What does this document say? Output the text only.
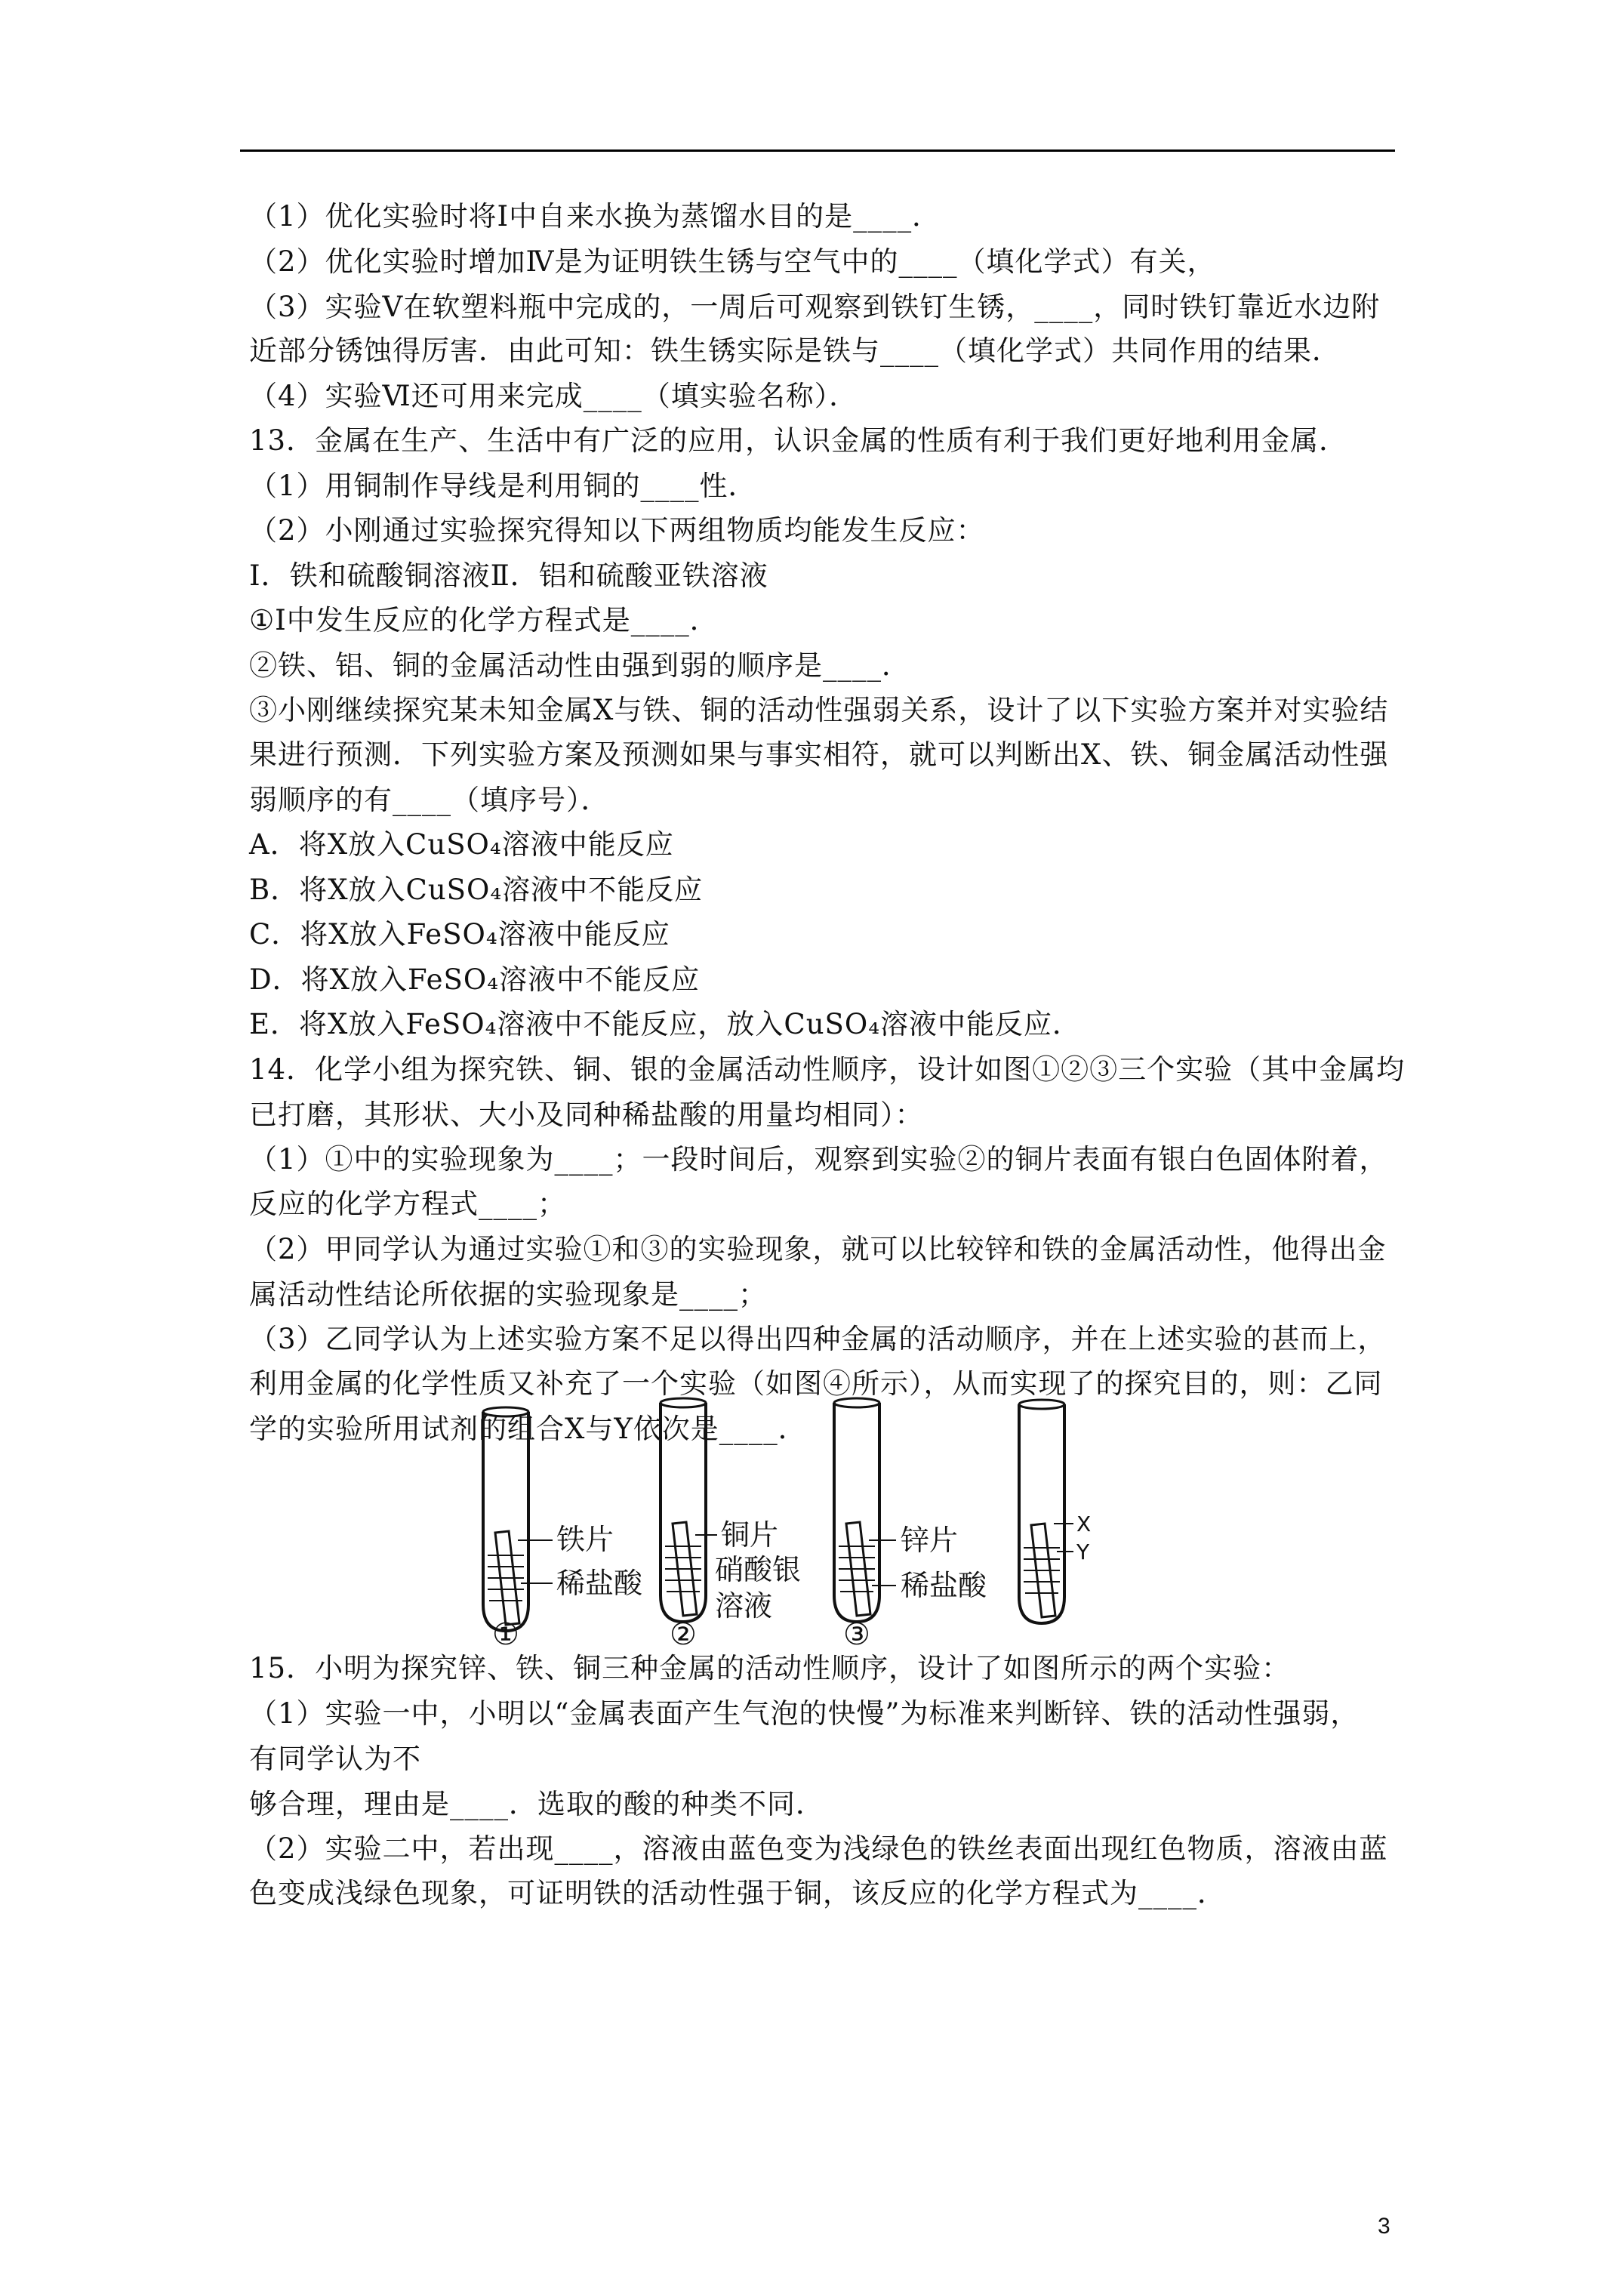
（1）优化实验时将Ⅰ中自来水换为蒸馏水目的是____．
（2）优化实验时增加Ⅳ是为证明铁生锈与空气中的____（填化学式）有关，
（3）实验Ⅴ在软塑料瓶中完成的，一周后可观察到铁钉生锈，____，同时铁钉靠近水边附
近部分锈蚀得厉害．由此可知：铁生锈实际是铁与____（填化学式）共同作用的结果．
（4）实验Ⅵ还可用来完成____（填实验名称）．
13．金属在生产、生活中有广泛的应用，认识金属的性质有利于我们更好地利用金属．
（1）用铜制作导线是利用铜的____性．
（2）小刚通过实验探究得知以下两组物质均能发生反应：
Ⅰ．铁和硫酸铜溶液Ⅱ．铝和硫酸亚铁溶液
①Ⅰ中发生反应的化学方程式是____．
②铁、铝、铜的金属活动性由强到弱的顺序是____．
③小刚继续探究某未知金属X与铁、铜的活动性强弱关系，设计了以下实验方案并对实验结
果进行预测．下列实验方案及预测如果与事实相符，就可以判断出X、铁、铜金属活动性强
弱顺序的有____（填序号）．
A．将X放入CuSO₄溶液中能反应
B．将X放入CuSO₄溶液中不能反应
C．将X放入FeSO₄溶液中能反应
D．将X放入FeSO₄溶液中不能反应
E．将X放入FeSO₄溶液中不能反应，放入CuSO₄溶液中能反应．
14．化学小组为探究铁、铜、银的金属活动性顺序，设计如图①②③三个实验（其中金属均
已打磨，其形状、大小及同种稀盐酸的用量均相同）：
（1）①中的实验现象为____；一段时间后，观察到实验②的铜片表面有银白色固体附着，
反应的化学方程式____；
（2）甲同学认为通过实验①和③的实验现象，就可以比较锌和铁的金属活动性，他得出金
属活动性结论所依据的实验现象是____；
（3）乙同学认为上述实验方案不足以得出四种金属的活动顺序，并在上述实验的甚而上，
利用金属的化学性质又补充了一个实验（如图④所示），从而实现了的探究目的，则：乙同
学的实验所用试剂的组合X与Y依次是____．
15．小明为探究锌、铁、铜三种金属的活动性顺序，设计了如图所示的两个实验：
（1）实验一中，小明以“金属表面产生气泡的快慢”为标准来判断锌、铁的活动性强弱，
有同学认为不
够合理，理由是____．选取的酸的种类不同．
（2）实验二中，若出现____，溶液由蓝色变为浅绿色的铁丝表面出现红色物质，溶液由蓝
色变成浅绿色现象，可证明铁的活动性强于铜，该反应的化学方程式为____．
铁片
稀盐酸
①
铜片
硝酸银
溶液
②
锌片
稀盐酸
③
X
Y
3
